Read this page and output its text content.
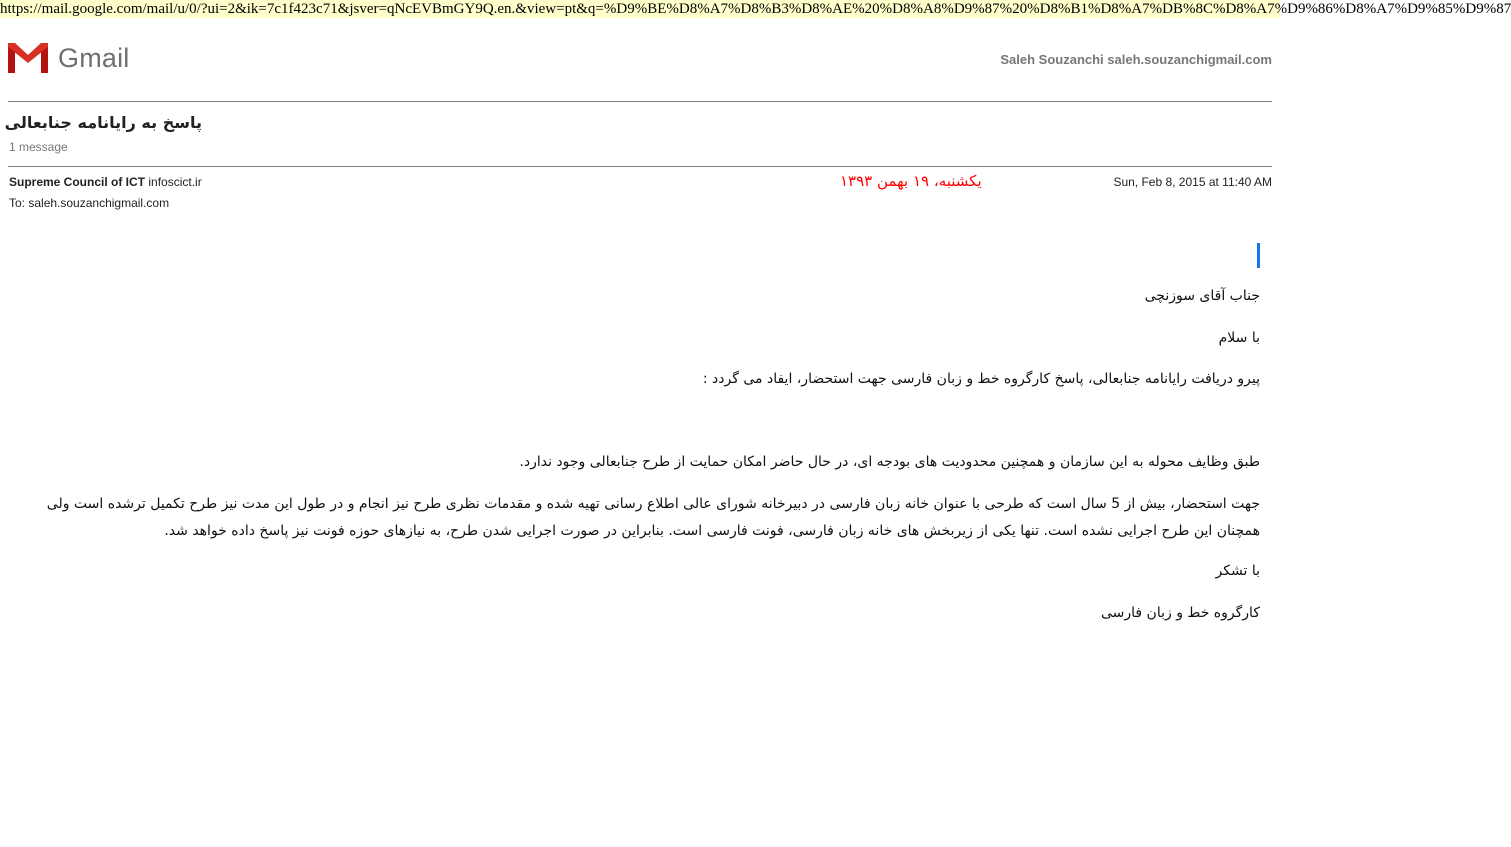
https://mail.google.com/mail/u/0/?ui=2&ik=7c1f423c71&jsver=qNcEVBmGY9Q.en.&view=pt&q=%D9%BE%D8%A7%D8%B3%D8%AE%20%D8%A8%D9%87%20%D8%B1%D8%A7%DB%8C%D8%A7%D9%86%D8%A7%D9%85%D9%87
Gmail	Saleh Souzanchi saleh.souzanchigmail.com
پاسخ به رایانامه جنابعالی
1 message
Supreme Council of ICT infoscict.ir
To: saleh.souzanchigmail.com
یکشنبه، ۱۹ بهمن ۱۳۹۳	Sun, Feb 8, 2015 at 11:40 AM

جناب آقای سوزنچی

با سلام

پیرو دریافت رایانامه جنابعالی، پاسخ کارگروه خط و زبان فارسی جهت استحضار، ایفاد می گردد :

طبق وظایف محوله به این سازمان و همچنین محدودیت های بودجه ای، در حال حاضر امکان حمایت از طرح جنابعالی وجود ندارد.

جهت استحضار، بیش از 5 سال است که طرحی با عنوان خانه زبان فارسی در دبیرخانه شورای عالی اطلاع رسانی تهیه شده و مقدمات نظری طرح نیز انجام و در طول این مدت نیز طرح تکمیل ترشده است ولی همچنان این طرح اجرایی نشده است. تنها یکی از زیربخش های خانه زبان فارسی، فونت فارسی است. بنابراین در صورت اجرایی شدن طرح، به نیازهای حوزه فونت نیز پاسخ داده خواهد شد.

با تشکر

کارگروه خط و زبان فارسی
